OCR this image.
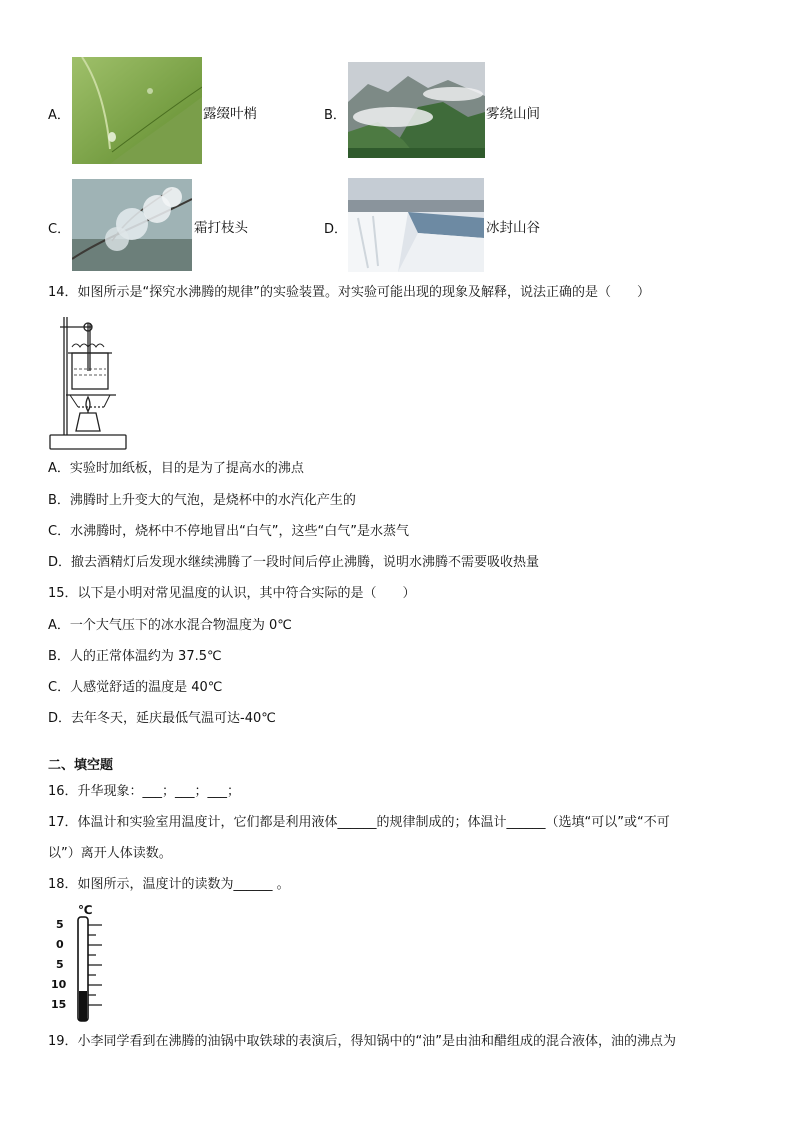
A．	露缀叶梢	B．	雾绕山间
C．	霜打枝头	D．	冰封山谷
14．如图所示是“探究水沸腾的规律”的实验装置。对实验可能出现的现象及解释，说法正确的是（　　）
A．实验时加纸板，目的是为了提高水的沸点
B．沸腾时上升变大的气泡，是烧杯中的水汽化产生的
C．水沸腾时，烧杯中不停地冒出“白气”，这些“白气”是水蒸气
D．撤去酒精灯后发现水继续沸腾了一段时间后停止沸腾，说明水沸腾不需要吸收热量
15．以下是小明对常见温度的认识，其中符合实际的是（　　）
A．一个大气压下的冰水混合物温度为 0℃
B．人的正常体温约为 37.5℃
C．人感觉舒适的温度是 40℃
D．去年冬天，延庆最低气温可达-40℃
二、填空题
16．升华现象：___；___；___；
17．体温计和实验室用温度计，它们都是利用液体______的规律制成的；体温计______（选填“可以”或“不可
以”）离开人体读数。
18．如图所示，温度计的读数为______ 。
℃
5
0
5
10
15
19．小李同学看到在沸腾的油锅中取铁球的表演后，得知锅中的“油”是由油和醋组成的混合液体，油的沸点为
